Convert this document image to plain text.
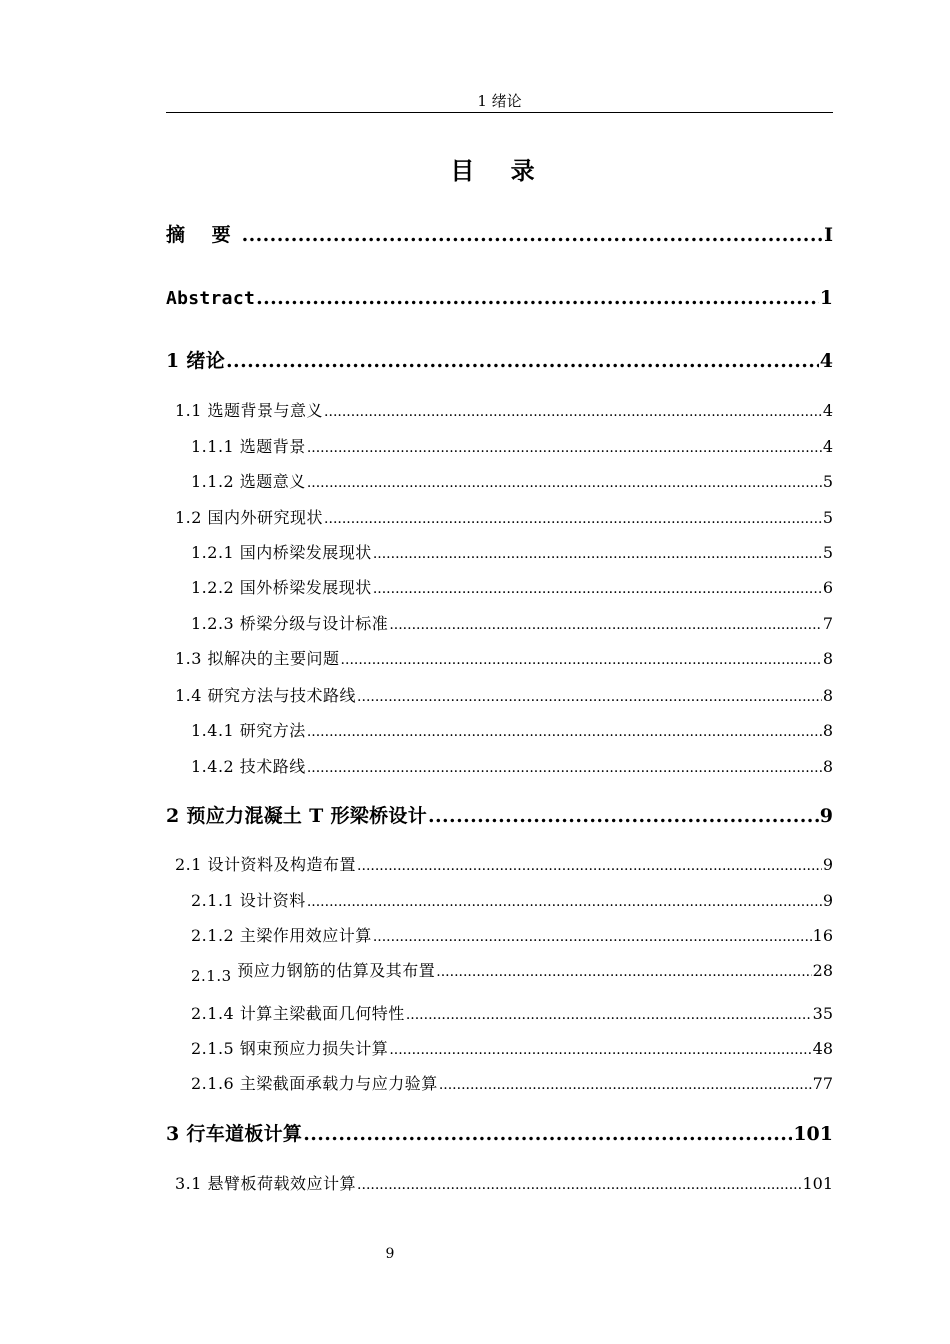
1 绪论
目 录
摘 要 .....	I
Abstract .....	1
1 绪论 .....	4
1.1 选题背景与意义 .....	4
1.1.1 选题背景 .....	4
1.1.2 选题意义 .....	5
1.2 国内外研究现状 .....	5
1.2.1 国内桥梁发展现状 .....	5
1.2.2 国外桥梁发展现状 .....	6
1.2.3 桥梁分级与设计标准 .....	7
1.3 拟解决的主要问题 .....	8
1.4 研究方法与技术路线 .....	8
1.4.1 研究方法 .....	8
1.4.2 技术路线 .....	8
2 预应力混凝土 T 形梁桥设计 .....	9
2.1 设计资料及构造布置 .....	9
2.1.1 设计资料 .....	9
2.1.2 主梁作用效应计算 .....	16
2.1.3 预应力钢筋的估算及其布置 .....	28
2.1.4 计算主梁截面几何特性 .....	35
2.1.5 钢束预应力损失计算 .....	48
2.1.6 主梁截面承载力与应力验算 .....	77
3 行车道板计算 .....	101
3.1 悬臂板荷载效应计算 .....	101
9
